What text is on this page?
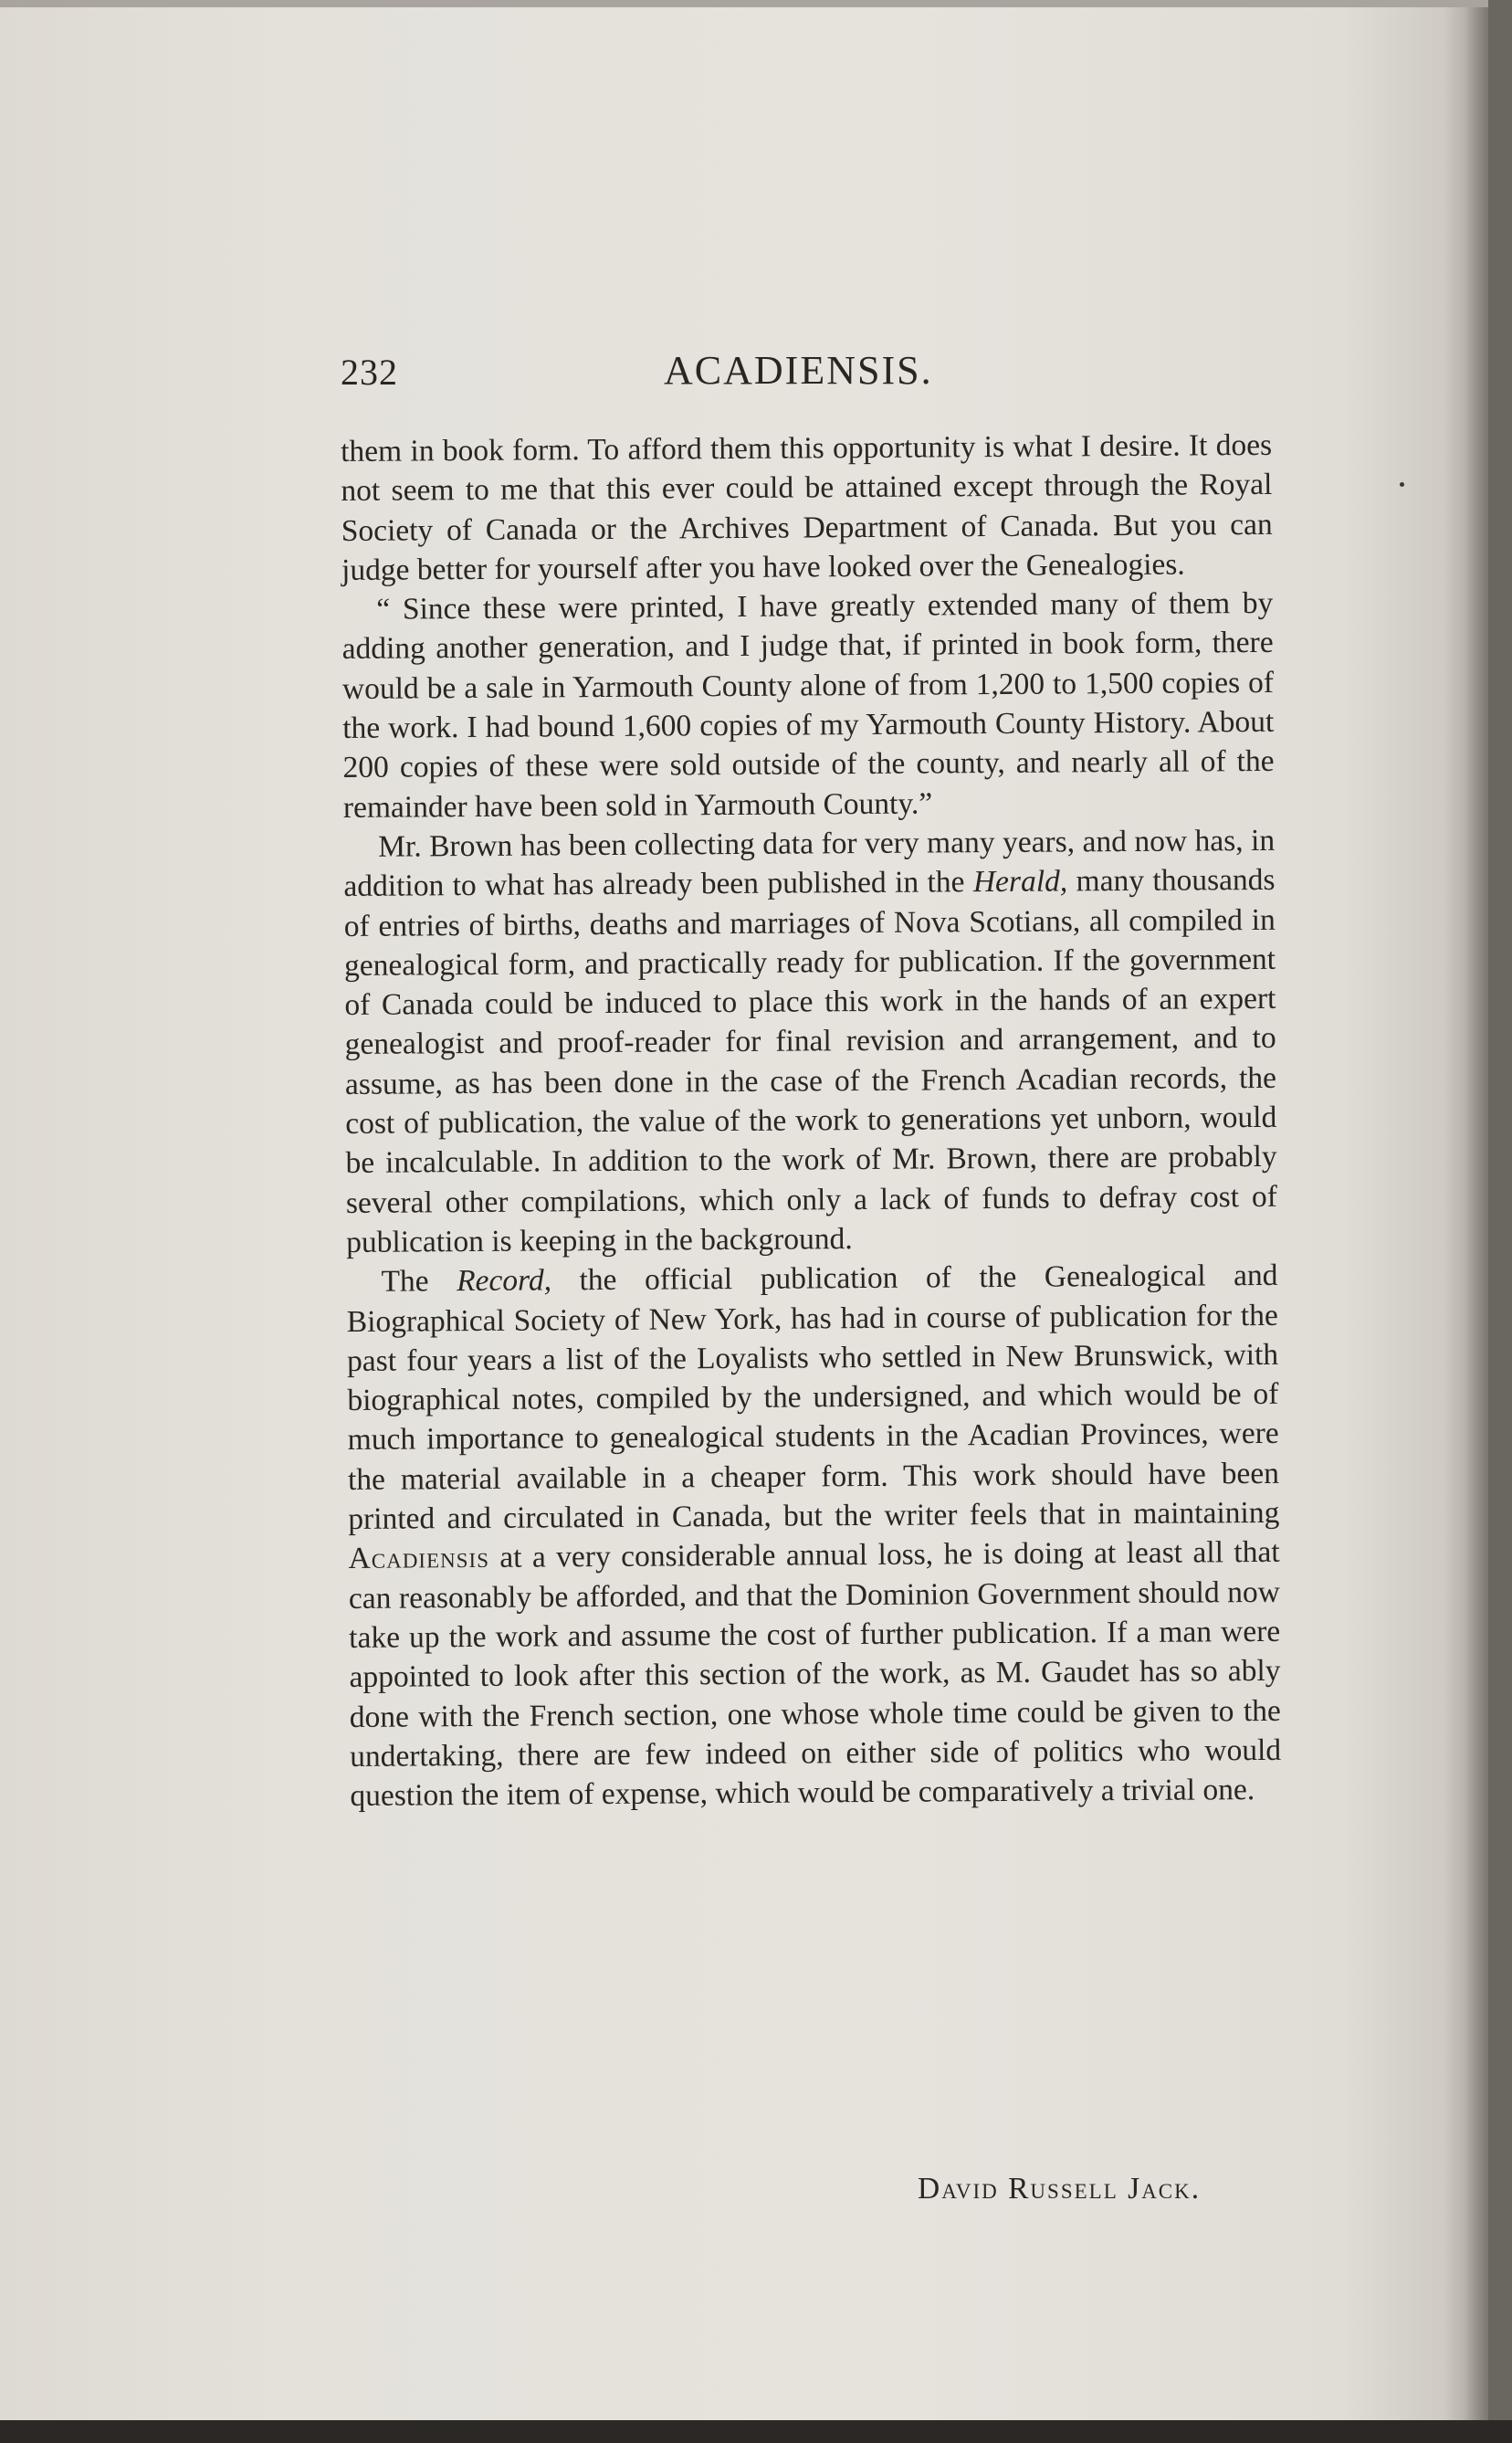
232	ACADIENSIS.

them in book form. To afford them this opportunity is what I desire. It does not seem to me that this ever could be attained except through the Royal Society of Canada or the Archives Department of Canada. But you can judge better for yourself after you have looked over the Genealogies.

“ Since these were printed, I have greatly extended many of them by adding another generation, and I judge that, if printed in book form, there would be a sale in Yarmouth County alone of from 1,200 to 1,500 copies of the work. I had bound 1,600 copies of my Yarmouth County History. About 200 copies of these were sold outside of the county, and nearly all of the remainder have been sold in Yarmouth County.”

Mr. Brown has been collecting data for very many years, and now has, in addition to what has already been published in the Herald, many thousands of entries of births, deaths and marriages of Nova Scotians, all compiled in genealogical form, and practically ready for publication. If the government of Canada could be induced to place this work in the hands of an expert genealogist and proof-reader for final revision and arrangement, and to assume, as has been done in the case of the French Acadian records, the cost of publication, the value of the work to generations yet unborn, would be incalculable. In addition to the work of Mr. Brown, there are probably several other compilations, which only a lack of funds to defray cost of publication is keeping in the background.

The Record, the official publication of the Genealogical and Biographical Society of New York, has had in course of publication for the past four years a list of the Loyalists who settled in New Brunswick, with biographical notes, compiled by the undersigned, and which would be of much importance to genealogical students in the Acadian Provinces, were the material available in a cheaper form. This work should have been printed and circulated in Canada, but the writer feels that in maintaining Acadiensis at a very considerable annual loss, he is doing at least all that can reasonably be afforded, and that the Dominion Government should now take up the work and assume the cost of further publication. If a man were appointed to look after this section of the work, as M. Gaudet has so ably done with the French section, one whose whole time could be given to the undertaking, there are few indeed on either side of politics who would question the item of expense, which would be comparatively a trivial one.

David Russell Jack.
